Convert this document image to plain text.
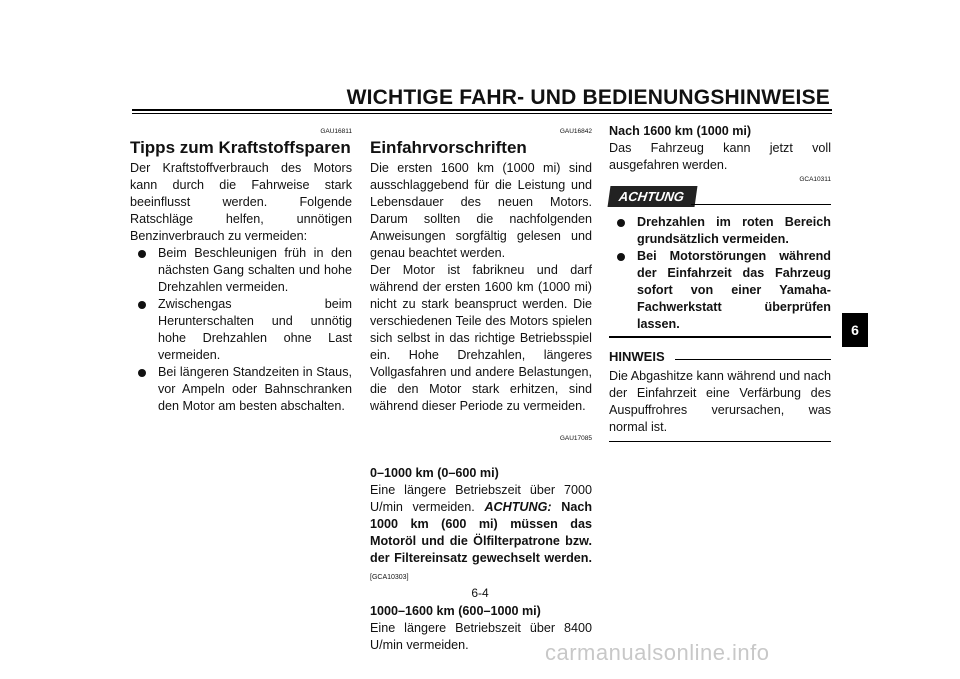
WICHTIGE FAHR- UND BEDIENUNGSHINWEISE
6
GAU16811
Tipps zum Kraftstoffsparen

Der Kraftstoffverbrauch des Motors kann durch die Fahrweise stark beeinflusst werden. Folgende Ratschläge helfen, unnötigen Benzinverbrauch zu vermeiden:

Beim Beschleunigen früh in den nächsten Gang schalten und hohe Drehzahlen vermeiden.
Zwischengas beim Herunterschalten und unnötig hohe Drehzahlen ohne Last vermeiden.
Bei längeren Standzeiten in Staus, vor Ampeln oder Bahnschranken den Motor am besten abschalten.
GAU16842
Einfahrvorschriften

Die ersten 1600 km (1000 mi) sind ausschlaggebend für die Leistung und Lebensdauer des neuen Motors. Darum sollten die nachfolgenden Anweisungen sorgfältig gelesen und genau beachtet werden.

Der Motor ist fabrikneu und darf während der ersten 1600 km (1000 mi) nicht zu stark beanspruct werden. Die verschiedenen Teile des Motors spielen sich selbst in das richtige Betriebsspiel ein. Hohe Drehzahlen, längeres Vollgasfahren und andere Belastungen, die den Motor stark erhitzen, sind während dieser Periode zu vermeiden.

GAU17085
0–1000 km (0–600 mi)

Eine längere Betriebszeit über 7000 U/min vermeiden. ACHTUNG: Nach 1000 km (600 mi) müssen das Motoröl und die Ölfilterpatrone bzw. der Filtereinsatz gewechselt werden.[GCA10303]

1000–1600 km (600–1000 mi)

Eine längere Betriebszeit über 8400 U/min vermeiden.

Nach 1600 km (1000 mi)

Das Fahrzeug kann jetzt voll ausgefahren werden.

GCA10311
ACHTUNG
Drehzahlen im roten Bereich grundsätzlich vermeiden.
Bei Motorstörungen während der Einfahrzeit das Fahrzeug sofort von einer Yamaha-Fachwerkstatt überprüfen lassen.
HINWEIS

Die Abgashitze kann während und nach der Einfahrzeit eine Verfärbung des Auspuffrohres verursachen, was normal ist.

6-4
carmanualsonline.info
